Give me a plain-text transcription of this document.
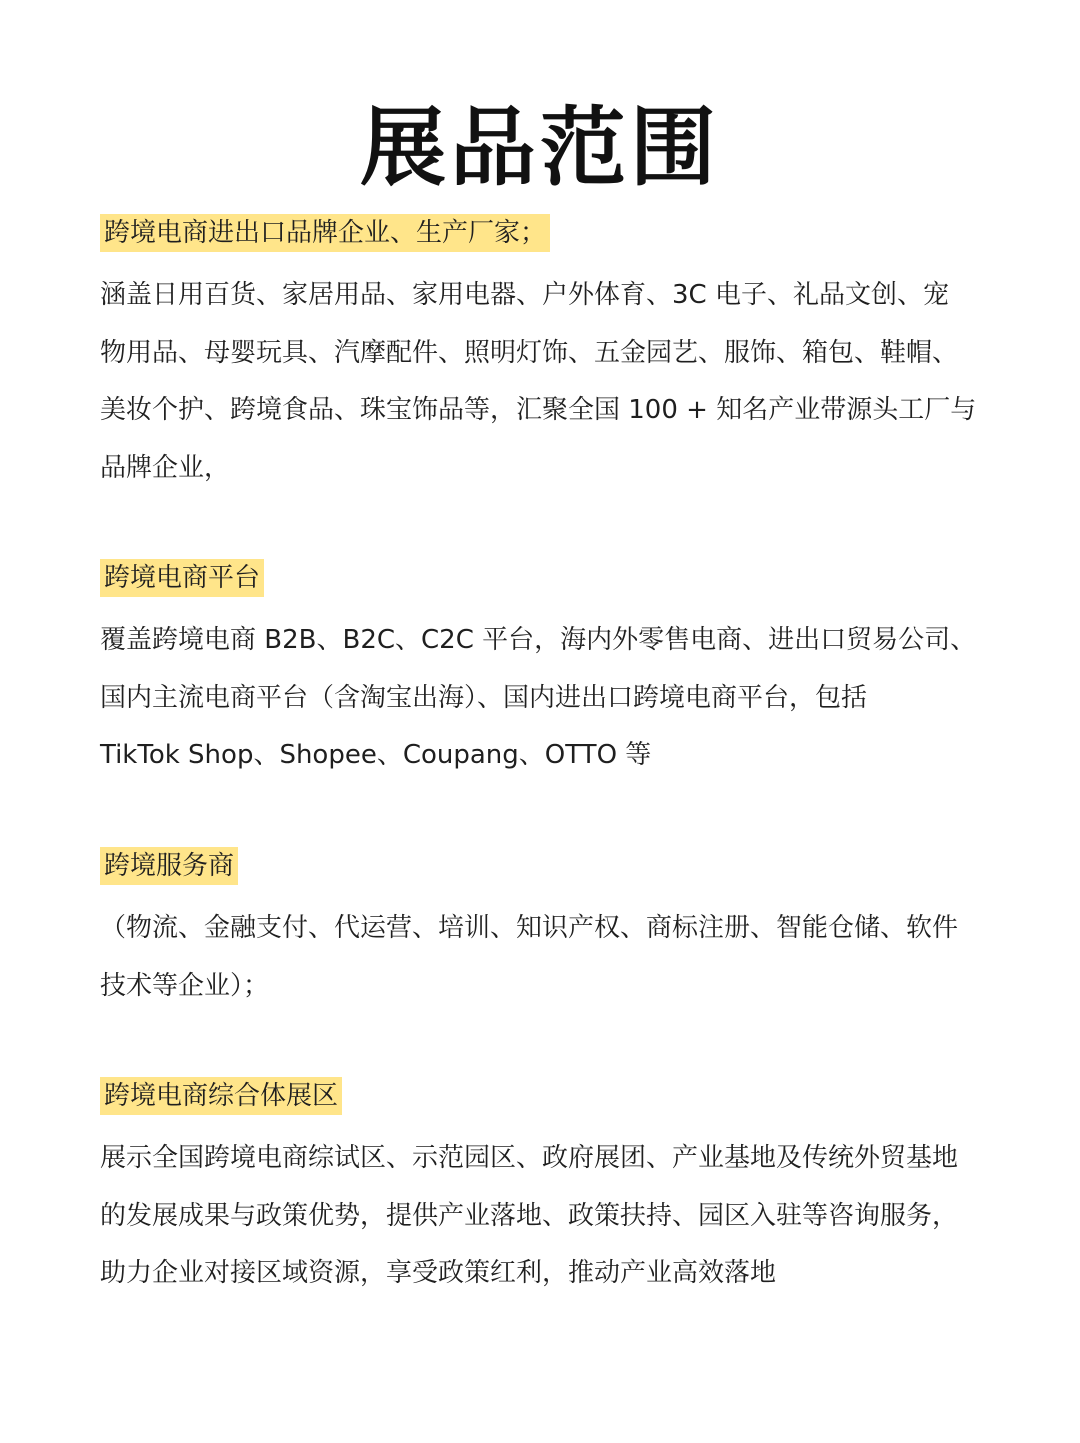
展品范围
跨境电商进出口品牌企业、生产厂家；
涵盖日用百货、家居用品、家用电器、户外体育、3C 电子、礼品文创、宠
物用品、母婴玩具、汽摩配件、照明灯饰、五金园艺、服饰、箱包、鞋帽、
美妆个护、跨境食品、珠宝饰品等，汇聚全国 100 + 知名产业带源头工厂与
品牌企业，
跨境电商平台
覆盖跨境电商 B2B、B2C、C2C 平台，海内外零售电商、进出口贸易公司、
国内主流电商平台（含淘宝出海）、国内进出口跨境电商平台，包括
TikTok Shop、Shopee、Coupang、OTTO 等
跨境服务商
（物流、金融支付、代运营、培训、知识产权、商标注册、智能仓储、软件
技术等企业）；
跨境电商综合体展区
展示全国跨境电商综试区、示范园区、政府展团、产业基地及传统外贸基地
的发展成果与政策优势，提供产业落地、政策扶持、园区入驻等咨询服务，
助力企业对接区域资源，享受政策红利，推动产业高效落地
